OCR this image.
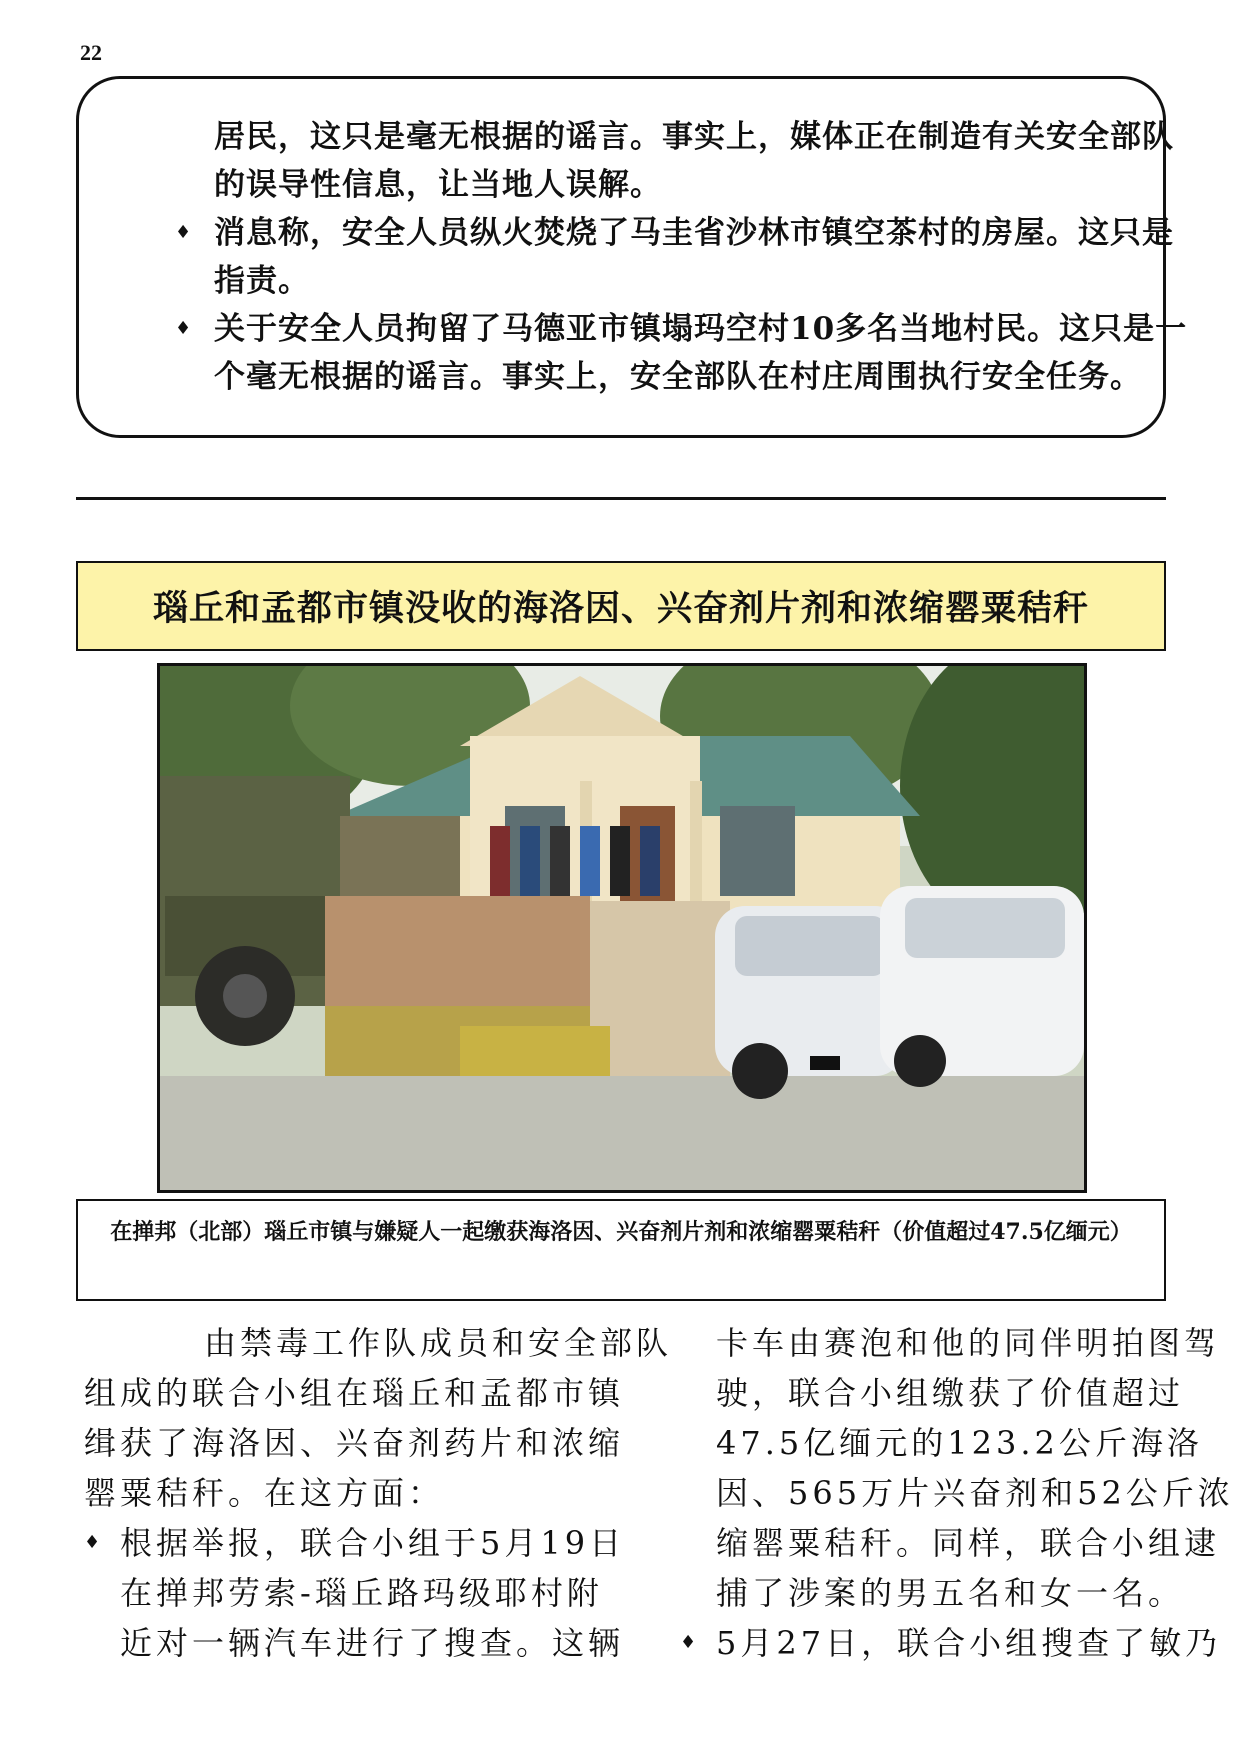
22

居民，这只是毫无根据的谣言。事实上，媒体正在制造有关安全部队

的误导性信息，让当地人误解。

♦ 消息称，安全人员纵火焚烧了马圭省沙林市镇空茶村的房屋。这只是

指责。

♦ 关于安全人员拘留了马德亚市镇塌玛空村10多名当地村民。这只是一

个毫无根据的谣言。事实上，安全部队在村庄周围执行安全任务。

瑙丘和孟都市镇没收的海洛因、兴奋剂片剂和浓缩罂粟秸秆
在掸邦（北部）瑙丘市镇与嫌疑人一起缴获海洛因、兴奋剂片剂和浓缩罂粟秸秆（价值超过47.5亿缅元）

由禁毒工作队成员和安全部队

组成的联合小组在瑙丘和孟都市镇

缉获了海洛因、兴奋剂药片和浓缩

罂粟秸秆。在这方面：

♦ 根据举报，联合小组于5月19日

在掸邦劳索-瑙丘路玛级耶村附

近对一辆汽车进行了搜查。这辆

卡车由赛泡和他的同伴明拍图驾

驶，联合小组缴获了价值超过

47.5亿缅元的123.2公斤海洛

因、565万片兴奋剂和52公斤浓

缩罂粟秸秆。同样，联合小组逮

捕了涉案的男五名和女一名。

♦ 5月27日，联合小组搜查了敏乃
